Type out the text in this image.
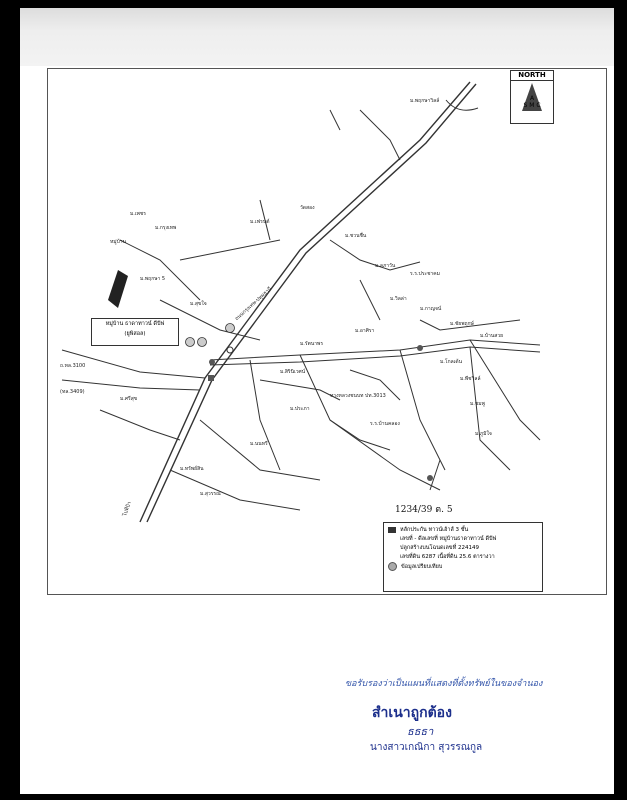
NORTH
A
S M C
ถนนกรุงเทพ-ปทุมธานี
ถ.ทล.3100
(ทล.3409)
ไปทีป้า
ทางหลวงชนบท ปท.3013
ม.พฤกษาวิลล์
ม.เพชร
ม.กรุงเทพ
หมู่บ้าน
ม.เฟรนต์
วัดสอง
ม.ชวนชื่น
ม.ลภาวัน
ร.ร.ประชาคม
ม.วิลล่า
ม.กาญจน์
ม.พฤกษา 5
ม.สุขใจ
ม.รัตนาพร
ม.อาศิรา
ม.ชัยพฤกษ์
ม.บ้านสวย
ม.สิรินิเวศน์
ม.โกลเด้น
ม.พีชวิลล์
ม.ศรีสุข
ม.ประภา
ม.ชมพู
ม.ภูมิใจ
ร.ร.บ้านคลอง
ม.นนทรี
ม.ทรัพย์สิน
ม.สุวรรณ
หมู่บ้าน ธาดาทาวน์ ดีปัฟ
(ยูพิสอล)
1234/39 ต. 5
หลักประกัน ทาวน์เฮ้าส์ 3 ชั้น
เลขที่ - ดีลเลขที่ หมู่บ้านธาดาทาวน์ ดีปัฟ
ปลูกสร้างบนโฉนดเลขที่ 224149
เลขที่ดิน 6287 เนื้อที่ดิน 25.6 ตารางวา
ข้อมูลเปรียบเทียบ
ขอรับรองว่าเป็นแผนที่แสดงที่ตั้งทรัพย์ในของจำนอง
สำเนาถูกต้อง
ธธธา
นางสาวเกณิกา สุวรรณกูล
